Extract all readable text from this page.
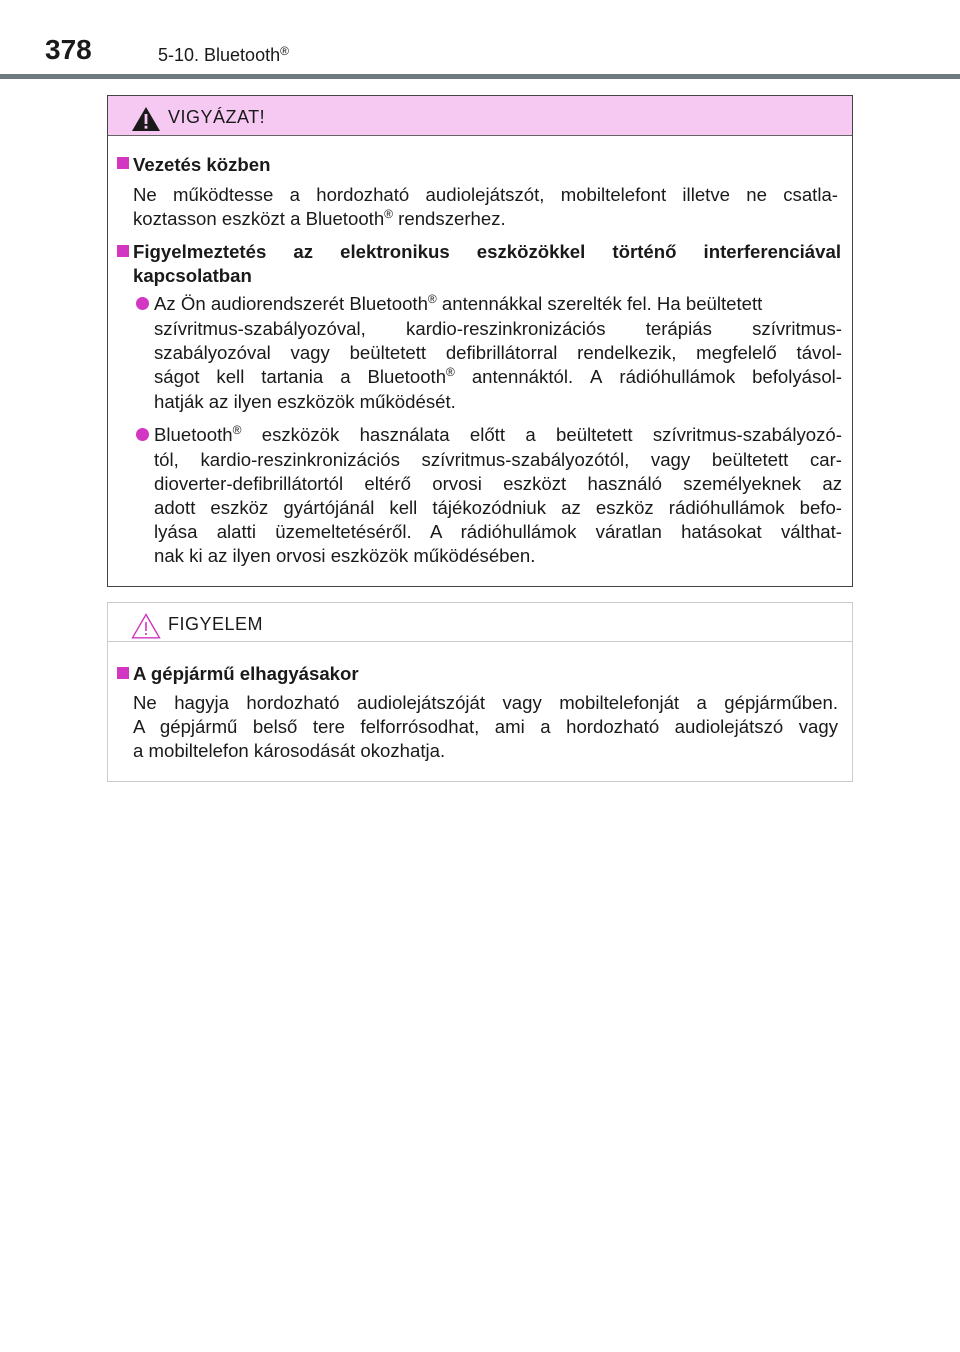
378	5-10. Bluetooth®
VIGYÁZAT!
Vezetés közben
Ne működtesse a hordozható audiolejátszót, mobiltelefont illetve ne csatla-
koztasson eszközt a Bluetooth® rendszerhez.
Figyelmeztetés az elektronikus eszközökkel történő interferenciával
kapcsolatban
Az Ön audiorendszerét Bluetooth® antennákkal szerelték fel. Ha beültetett
szívritmus-szabályozóval, kardio-reszinkronizációs terápiás szívritmus-
szabályozóval vagy beültetett defibrillátorral rendelkezik, megfelelő távol-
ságot kell tartania a Bluetooth® antennáktól. A rádióhullámok befolyásol-
hatják az ilyen eszközök működését.
Bluetooth® eszközök használata előtt a beültetett szívritmus-szabályozó-
tól, kardio-reszinkronizációs szívritmus-szabályozótól, vagy beültetett car-
dioverter-defibrillátortól eltérő orvosi eszközt használó személyeknek az
adott eszköz gyártójánál kell tájékozódniuk az eszköz rádióhullámok befo-
lyása alatti üzemeltetéséről. A rádióhullámok váratlan hatásokat válthat-
nak ki az ilyen orvosi eszközök működésében.
FIGYELEM
A gépjármű elhagyásakor
Ne hagyja hordozható audiolejátszóját vagy mobiltelefonját a gépjárműben.
A gépjármű belső tere felforrósodhat, ami a hordozható audiolejátszó vagy
a mobiltelefon károsodását okozhatja.
